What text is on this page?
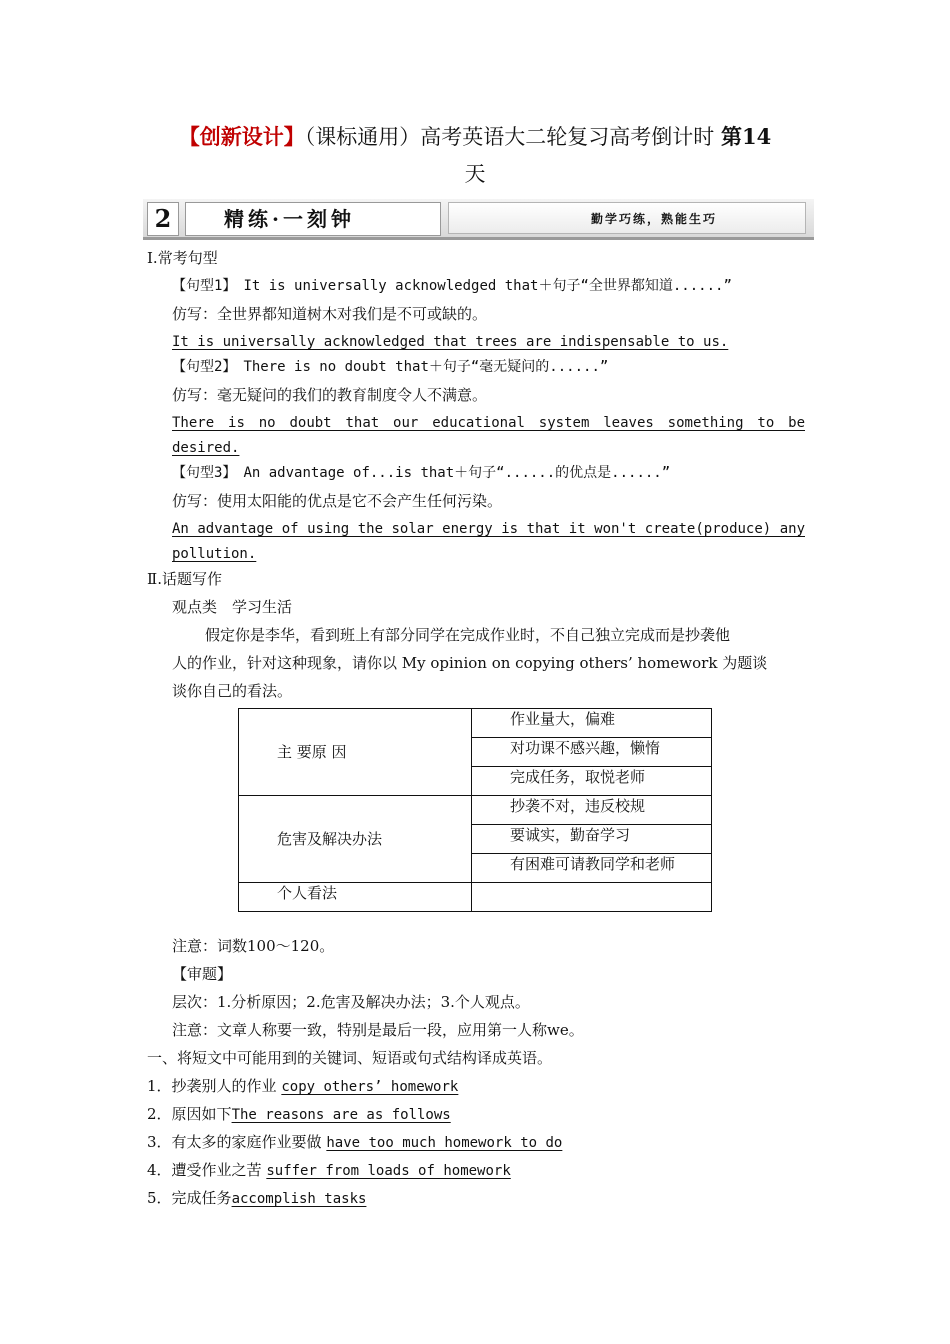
【创新设计】（课标通用）高考英语大二轮复习高考倒计时 第14
天
2	精练·一刻钟	勤学巧练，熟能生巧
Ⅰ.常考句型
【句型1】　 It is universally acknowledged that＋句子“全世界都知道......”
仿写：全世界都知道树木对我们是不可或缺的。
It is universally acknowledged that trees are indispensable to us.
【句型2】　 There is no doubt that＋句子“毫无疑问的......”
仿写：毫无疑问的我们的教育制度令人不满意。
There is no doubt that our educational system leaves something to be
desired.
【句型3】　 An advantage of...is that＋句子“......的优点是......”
仿写：使用太阳能的优点是它不会产生任何污染。
An advantage of using the solar energy is that it won't create(produce) any
pollution.
Ⅱ.话题写作
观点类　学习生活
假定你是李华，看到班上有部分同学在完成作业时，不自己独立完成而是抄袭他
人的作业，针对这种现象，请你以 My opinion on copying others’ homework 为题谈
谈你自己的看法。
主 要原 因	作业量大，偏难
	对功课不感兴趣，懒惰
	完成任务，取悦老师
危害及解决办法	抄袭不对，违反校规
	要诚实，勤奋学习
	有困难可请教同学和老师
个人看法	
注意：词数100～120。
【审题】
层次：1.分析原因；2.危害及解决办法；3.个人观点。
注意：文章人称要一致，特别是最后一段，应用第一人称we。
一、将短文中可能用到的关键词、短语或句式结构译成英语。
1．抄袭别人的作业 copy others’ homework
2．原因如下The reasons are as follows
3．有太多的家庭作业要做 have too much homework to do
4．遭受作业之苦 suffer from loads of homework
5．完成任务accomplish tasks
